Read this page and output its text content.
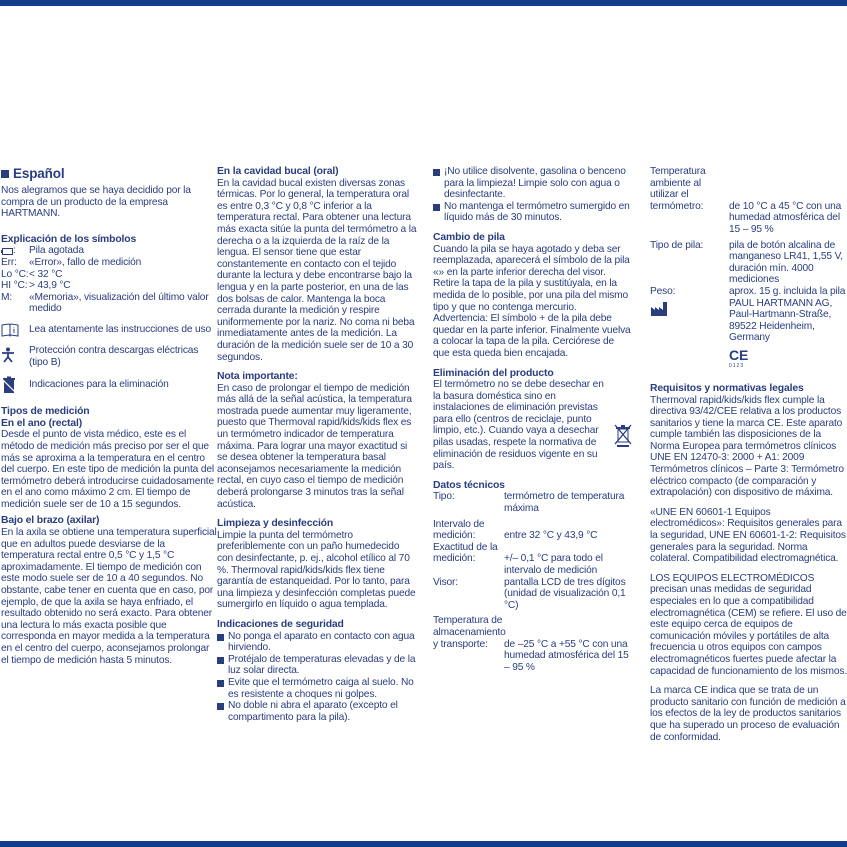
Español

Nos alegramos que se haya decidido por la compra de un producto de la empresa HARTMANN.

Explicación de los símbolos
: Pila agotada
Err:	«Error», fallo de medición
Lo °C: < 32 °C
HI °C: > 43,9 °C
M:	«Memoria», visualización del último valor medido
i Lea atentamente las instrucciones de uso
Protección contra descargas eléctricas (tipo B)
Indicaciones para la eliminación
Tipos de medición
En el ano (rectal)

Desde el punto de vista médico, este es el método de medición más preciso por ser el que más se aproxima a la temperatura en el centro del cuerpo. En este tipo de medición la punta del termómetro deberá introducirse cuidadosamente en el ano como máximo 2 cm. El tiempo de medición suele ser de 10 a 15 segundos.

Bajo el brazo (axilar)

En la axila se obtiene una temperatura superficial que en adultos puede desviarse de la temperatura rectal entre 0,5 °C y 1,5 °C aproximadamente. El tiempo de medición con este modo suele ser de 10 a 40 segundos. No obstante, cabe tener en cuenta que en caso, por ejemplo, de que la axila se haya enfriado, el resultado obtenido no será exacto. Para obtener una lectura lo más exacta posible que corresponda en mayor medida a la temperatura en el centro del cuerpo, aconsejamos prolongar el tiempo de medición hasta 5 minutos.

En la cavidad bucal (oral)

En la cavidad bucal existen diversas zonas térmicas. Por lo general, la temperatura oral es entre 0,3 °C y 0,8 °C inferior a la temperatura rectal. Para obtener una lectura más exacta sitúe la punta del termómetro a la derecha o a la izquierda de la raíz de la lengua. El sensor tiene que estar constantemente en contacto con el tejido durante la lectura y debe encontrarse bajo la lengua y en la parte posterior, en una de las dos bolsas de calor. Mantenga la boca cerrada durante la medición y respire uniformemente por la nariz. No coma ni beba inmediatamente antes de la medición. La duración de la medición suele ser de 10 a 30 segundos.

Nota importante:

En caso de prolongar el tiempo de medición más allá de la señal acústica, la temperatura mostrada puede aumentar muy ligeramente, puesto que Thermoval rapid/kids/kids flex es un termómetro indicador de temperatura máxima. Para lograr una mayor exactitud si se desea obtener la temperatura basal aconsejamos necesariamente la medición rectal, en cuyo caso el tiempo de medición deberá prolongarse 3 minutos tras la señal acústica.

Limpieza y desinfección

Limpie la punta del termómetro preferiblemente con un paño humedecido con desinfectante, p. ej., alcohol etílico al 70 %. Thermoval rapid/kids/kids flex tiene garantía de estanqueidad. Por lo tanto, para una limpieza y desinfección completas puede sumergirlo en líquido o agua templada.

Indicaciones de seguridad
No ponga el aparato en contacto con agua hirviendo.
Protéjalo de temperaturas elevadas y de la luz solar directa.
Evite que el termómetro caiga al suelo. No es resistente a choques ni golpes.
No doble ni abra el aparato (excepto el compartimento para la pila).
¡No utilice disolvente, gasolina o benceno para la limpieza! Limpie solo con agua o desinfectante.
No mantenga el termómetro sumergido en líquido más de 30 minutos.
Cambio de pila

Cuando la pila se haya agotado y deba ser reemplazada, aparecerá el símbolo de la pila «» en la parte inferior derecha del visor. Retire la tapa de la pila y sustitúyala, en la medida de lo posible, por una pila del mismo tipo y que no contenga mercurio. Advertencia: El símbolo + de la pila debe quedar en la parte inferior. Finalmente vuelva a colocar la tapa de la pila. Cerciórese de que esta queda bien encajada.

Eliminación del producto

El termómetro no se debe desechar en la basura doméstica sino en instalaciones de eliminación previstas para ello (centros de reciclaje, punto limpio, etc.). Cuando vaya a desechar pilas usadas, respete la normativa de eliminación de residuos vigente en su país.

Datos técnicos
Tipo:	termómetro de temperatura máxima
Intervalo de medición:	entre 32 °C y 43,9 °C
Exactitud de la medición:	+/– 0,1 °C para todo el intervalo de medición
Visor:	pantalla LCD de tres dígitos (unidad de visualización 0,1 °C)
Temperatura de almacenamiento y transporte:	de –25 °C a +55 °C con una humedad atmosférica del 15 – 95 %
Temperatura ambiente al utilizar el termómetro:	de 10 °C a 45 °C con una humedad atmosférica del 15 – 95 %
Tipo de pila:	pila de botón alcalina de manganeso LR41, 1,55 V, duración mín. 4000 mediciones
Peso:	aprox. 15 g. incluida la pila
PAUL HARTMANN AG,
Paul-Hartmann-Straße,
89522 Heidenheim,
Germany
CE
0123
Requisitos y normativas legales

Thermoval rapid/kids/kids flex cumple la directiva 93/42/CEE relativa a los productos sanitarios y tiene la marca CE. Este aparato cumple también las disposiciones de la Norma Europea para termómetros clínicos UNE EN 12470-3: 2000 + A1: 2009 Termómetros clínicos – Parte 3: Termómetro eléctrico compacto (de comparación y extrapolación) con dispositivo de máxima.

«UNE EN 60601-1 Equipos electromédicos»: Requisitos generales para la seguridad, UNE EN 60601-1-2: Requisitos generales para la seguridad. Norma colateral. Compatibilidad electromagnética.

LOS EQUIPOS ELECTROMÉDICOS precisan unas medidas de seguridad especiales en lo que a compatibilidad electromagnética (CEM) se refiere. El uso de este equipo cerca de equipos de comunicación móviles y portátiles de alta frecuencia u otros equipos con campos electromagnéticos fuertes puede afectar la capacidad de funcionamiento de los mismos.

La marca CE indica que se trata de un producto sanitario con función de medición a los efectos de la ley de productos sanitarios que ha superado un proceso de evaluación de conformidad.
